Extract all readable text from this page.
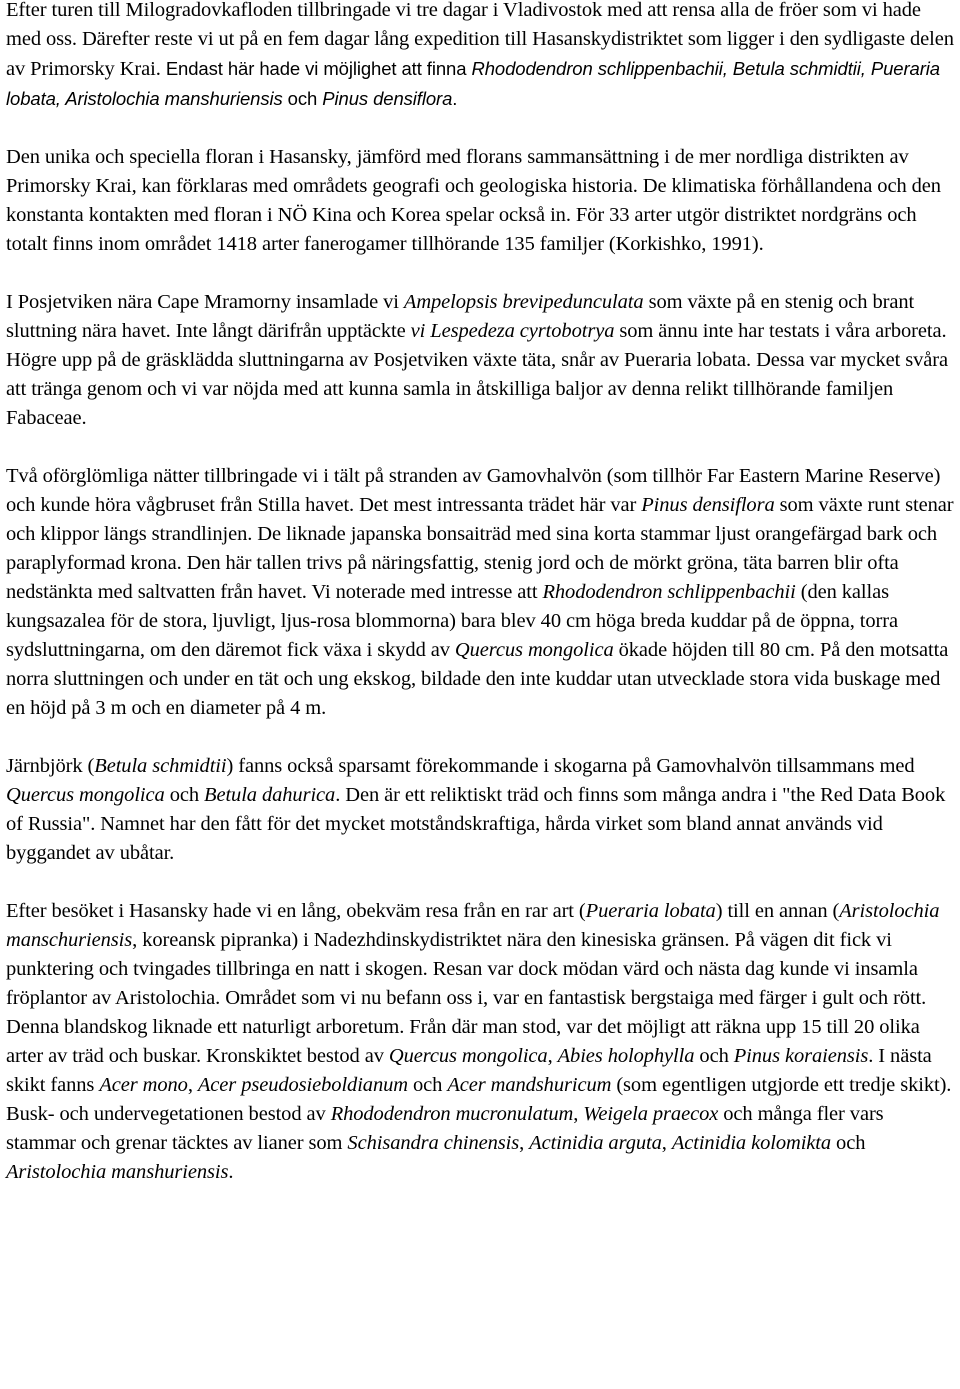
Efter turen till Milogradovkafloden tillbringade vi tre dagar i Vladivostok med att rensa alla de fröer som vi hade med oss. Därefter reste vi ut på en fem dagar lång expedition till Hasanskydistriktet som ligger i den sydligaste delen av Primorsky Krai. Endast här hade vi möjlighet att finna Rhododendron schlippenbachii, Betula schmidtii, Pueraria lobata, Aristolochia manshuriensis och Pinus densiflora.

Den unika och speciella floran i Hasansky, jämförd med florans sammansättning i de mer nordliga distrikten av Primorsky Krai, kan förklaras med områdets geografi och geologiska historia. De klimatiska förhållandena och den konstanta kontakten med floran i NÖ Kina och Korea spelar också in. För 33 arter utgör distriktet nordgräns och totalt finns inom området 1418 arter fanerogamer tillhörande 135 familjer (Korkishko, 1991).

I Posjetviken nära Cape Mramorny insamlade vi Ampelopsis brevipedunculata som växte på en stenig och brant sluttning nära havet. Inte långt därifrån upptäckte vi Lespedeza cyrtobotrya som ännu inte har testats i våra arboreta. Högre upp på de gräsklädda sluttningarna av Posjetviken växte täta, snår av Pueraria lobata. Dessa var mycket svåra att tränga genom och vi var nöjda med att kunna samla in åtskilliga baljor av denna relikt tillhörande familjen Fabaceae.

Två oförglömliga nätter tillbringade vi i tält på stranden av Gamovhalvön (som tillhör Far Eastern Marine Reserve) och kunde höra vågbruset från Stilla havet. Det mest intressanta trädet här var Pinus densiflora som växte runt stenar och klippor längs strandlinjen. De liknade japanska bonsaiträd med sina korta stammar ljust orangefärgad bark och paraplyformad krona. Den här tallen trivs på näringsfattig, stenig jord och de mörkt gröna, täta barren blir ofta nedstänkta med saltvatten från havet. Vi noterade med intresse att Rhododendron schlippenbachii (den kallas kungsazalea för de stora, ljuvligt, ljus-rosa blommorna) bara blev 40 cm höga breda kuddar på de öppna, torra sydsluttningarna, om den däremot fick växa i skydd av Quercus mongolica ökade höjden till 80 cm. På den motsatta norra sluttningen och under en tät och ung ekskog, bildade den inte kuddar utan utvecklade stora vida buskage med en höjd på 3 m och en diameter på 4 m.

Järnbjörk (Betula schmidtii) fanns också sparsamt förekommande i skogarna på Gamovhalvön tillsammans med Quercus mongolica och Betula dahurica. Den är ett reliktiskt träd och finns som många andra i "the Red Data Book of Russia". Namnet har den fått för det mycket motståndskraftiga, hårda virket som bland annat används vid byggandet av ubåtar.

Efter besöket i Hasansky hade vi en lång, obekväm resa från en rar art (Pueraria lobata) till en annan (Aristolochia manschuriensis, koreansk pipranka) i Nadezhdinskydistriktet nära den kinesiska gränsen. På vägen dit fick vi punktering och tvingades tillbringa en natt i skogen. Resan var dock mödan värd och nästa dag kunde vi insamla fröplantor av Aristolochia. Området som vi nu befann oss i, var en fantastisk bergstaiga med färger i gult och rött. Denna blandskog liknade ett naturligt arboretum. Från där man stod, var det möjligt att räkna upp 15 till 20 olika arter av träd och buskar. Kronskiktet bestod av Quercus mongolica, Abies holophylla och Pinus koraiensis. I nästa skikt fanns Acer mono, Acer pseudosieboldianum och Acer mandshuricum (som egentligen utgjorde ett tredje skikt). Busk- och undervegetationen bestod av Rhododendron mucronulatum, Weigela praecox och många fler vars stammar och grenar täcktes av lianer som Schisandra chinensis, Actinidia arguta, Actinidia kolomikta och Aristolochia manshuriensis.
